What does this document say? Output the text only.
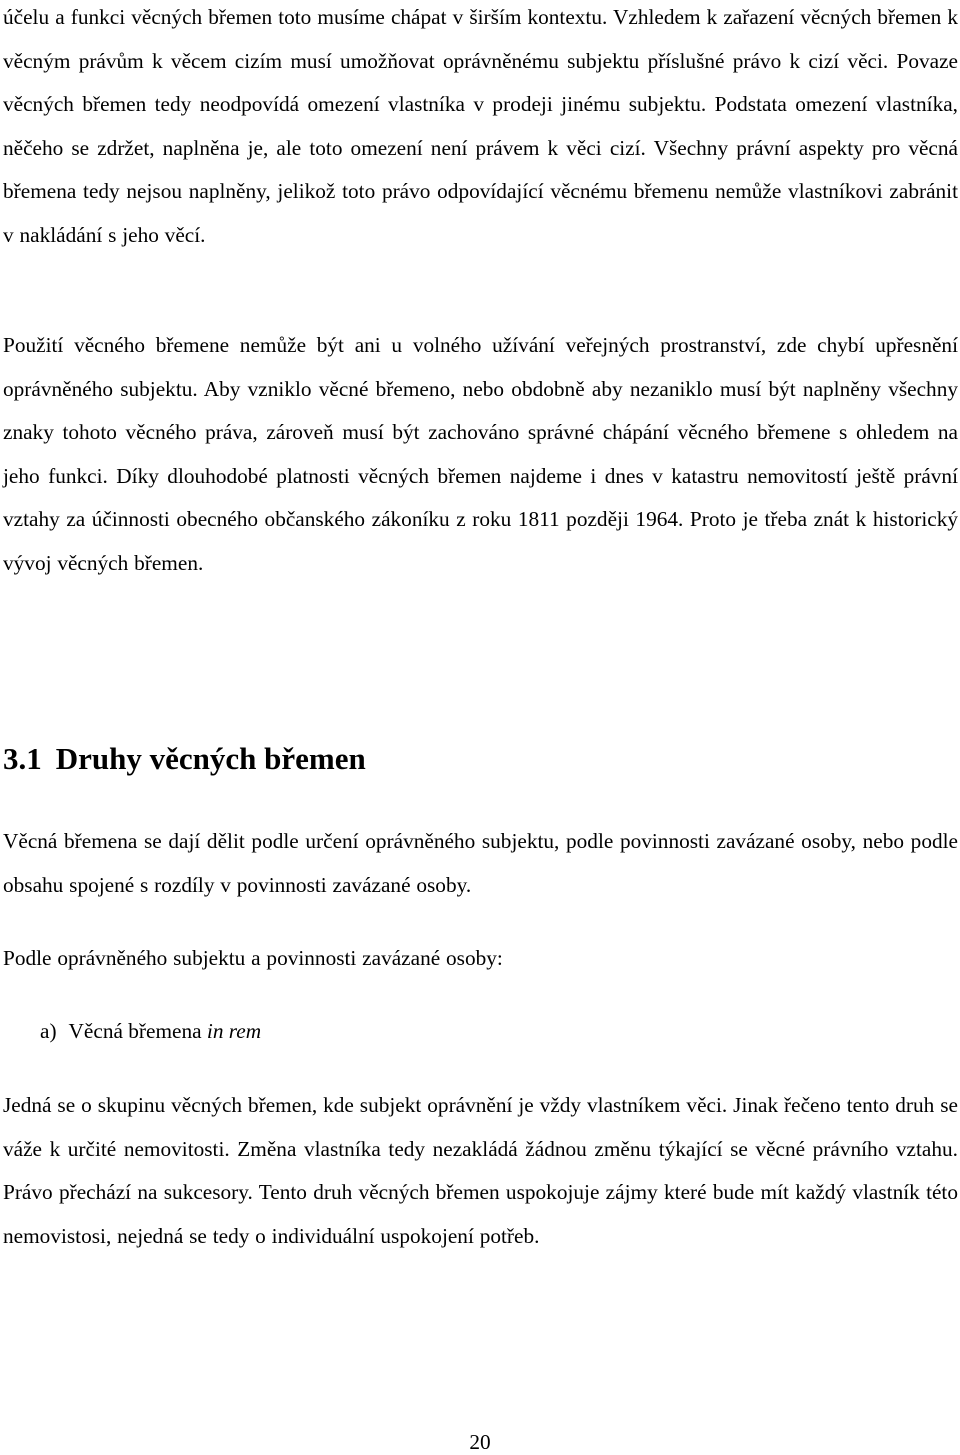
účelu a funkci věcných břemen toto musíme chápat v širším kontextu. Vzhledem k zařazení věcných břemen k věcným právům k věcem cizím musí umožňovat oprávněnému subjektu příslušné právo k cizí věci. Povaze věcných břemen tedy neodpovídá omezení vlastníka v prodeji jinému subjektu. Podstata omezení vlastníka, něčeho se zdržet, naplněna je, ale toto omezení není právem k věci cizí. Všechny právní aspekty pro věcná břemena tedy nejsou naplněny, jelikož toto právo odpovídající věcnému břemenu nemůže vlastníkovi zabránit v nakládání s jeho věcí.

Použití věcného břemene nemůže být ani u volného užívání veřejných prostranství, zde chybí upřesnění oprávněného subjektu. Aby vzniklo věcné břemeno, nebo obdobně aby nezaniklo musí být naplněny všechny znaky tohoto věcného práva, zároveň musí být zachováno správné chápání věcného břemene s ohledem na jeho funkci. Díky dlouhodobé platnosti věcných břemen najdeme i dnes v katastru nemovitostí ještě právní vztahy za účinnosti obecného občanského zákoníku z roku 1811 později 1964. Proto je třeba znát k historický vývoj věcných břemen.

3.1 Druhy věcných břemen

Věcná břemena se dají dělit podle určení oprávněného subjektu, podle povinnosti zavázané osoby, nebo podle obsahu spojené s rozdíly v povinnosti zavázané osoby.

Podle oprávněného subjektu a povinnosti zavázané osoby:

a) Věcná břemena in rem

Jedná se o skupinu věcných břemen, kde subjekt oprávnění je vždy vlastníkem věci. Jinak řečeno tento druh se váže k určité nemovitosti. Změna vlastníka tedy nezakládá žádnou změnu týkající se věcné právního vztahu. Právo přechází na sukcesory. Tento druh věcných břemen uspokojuje zájmy které bude mít každý vlastník této nemovistosi, nejedná se tedy o individuální uspokojení potřeb.

20
